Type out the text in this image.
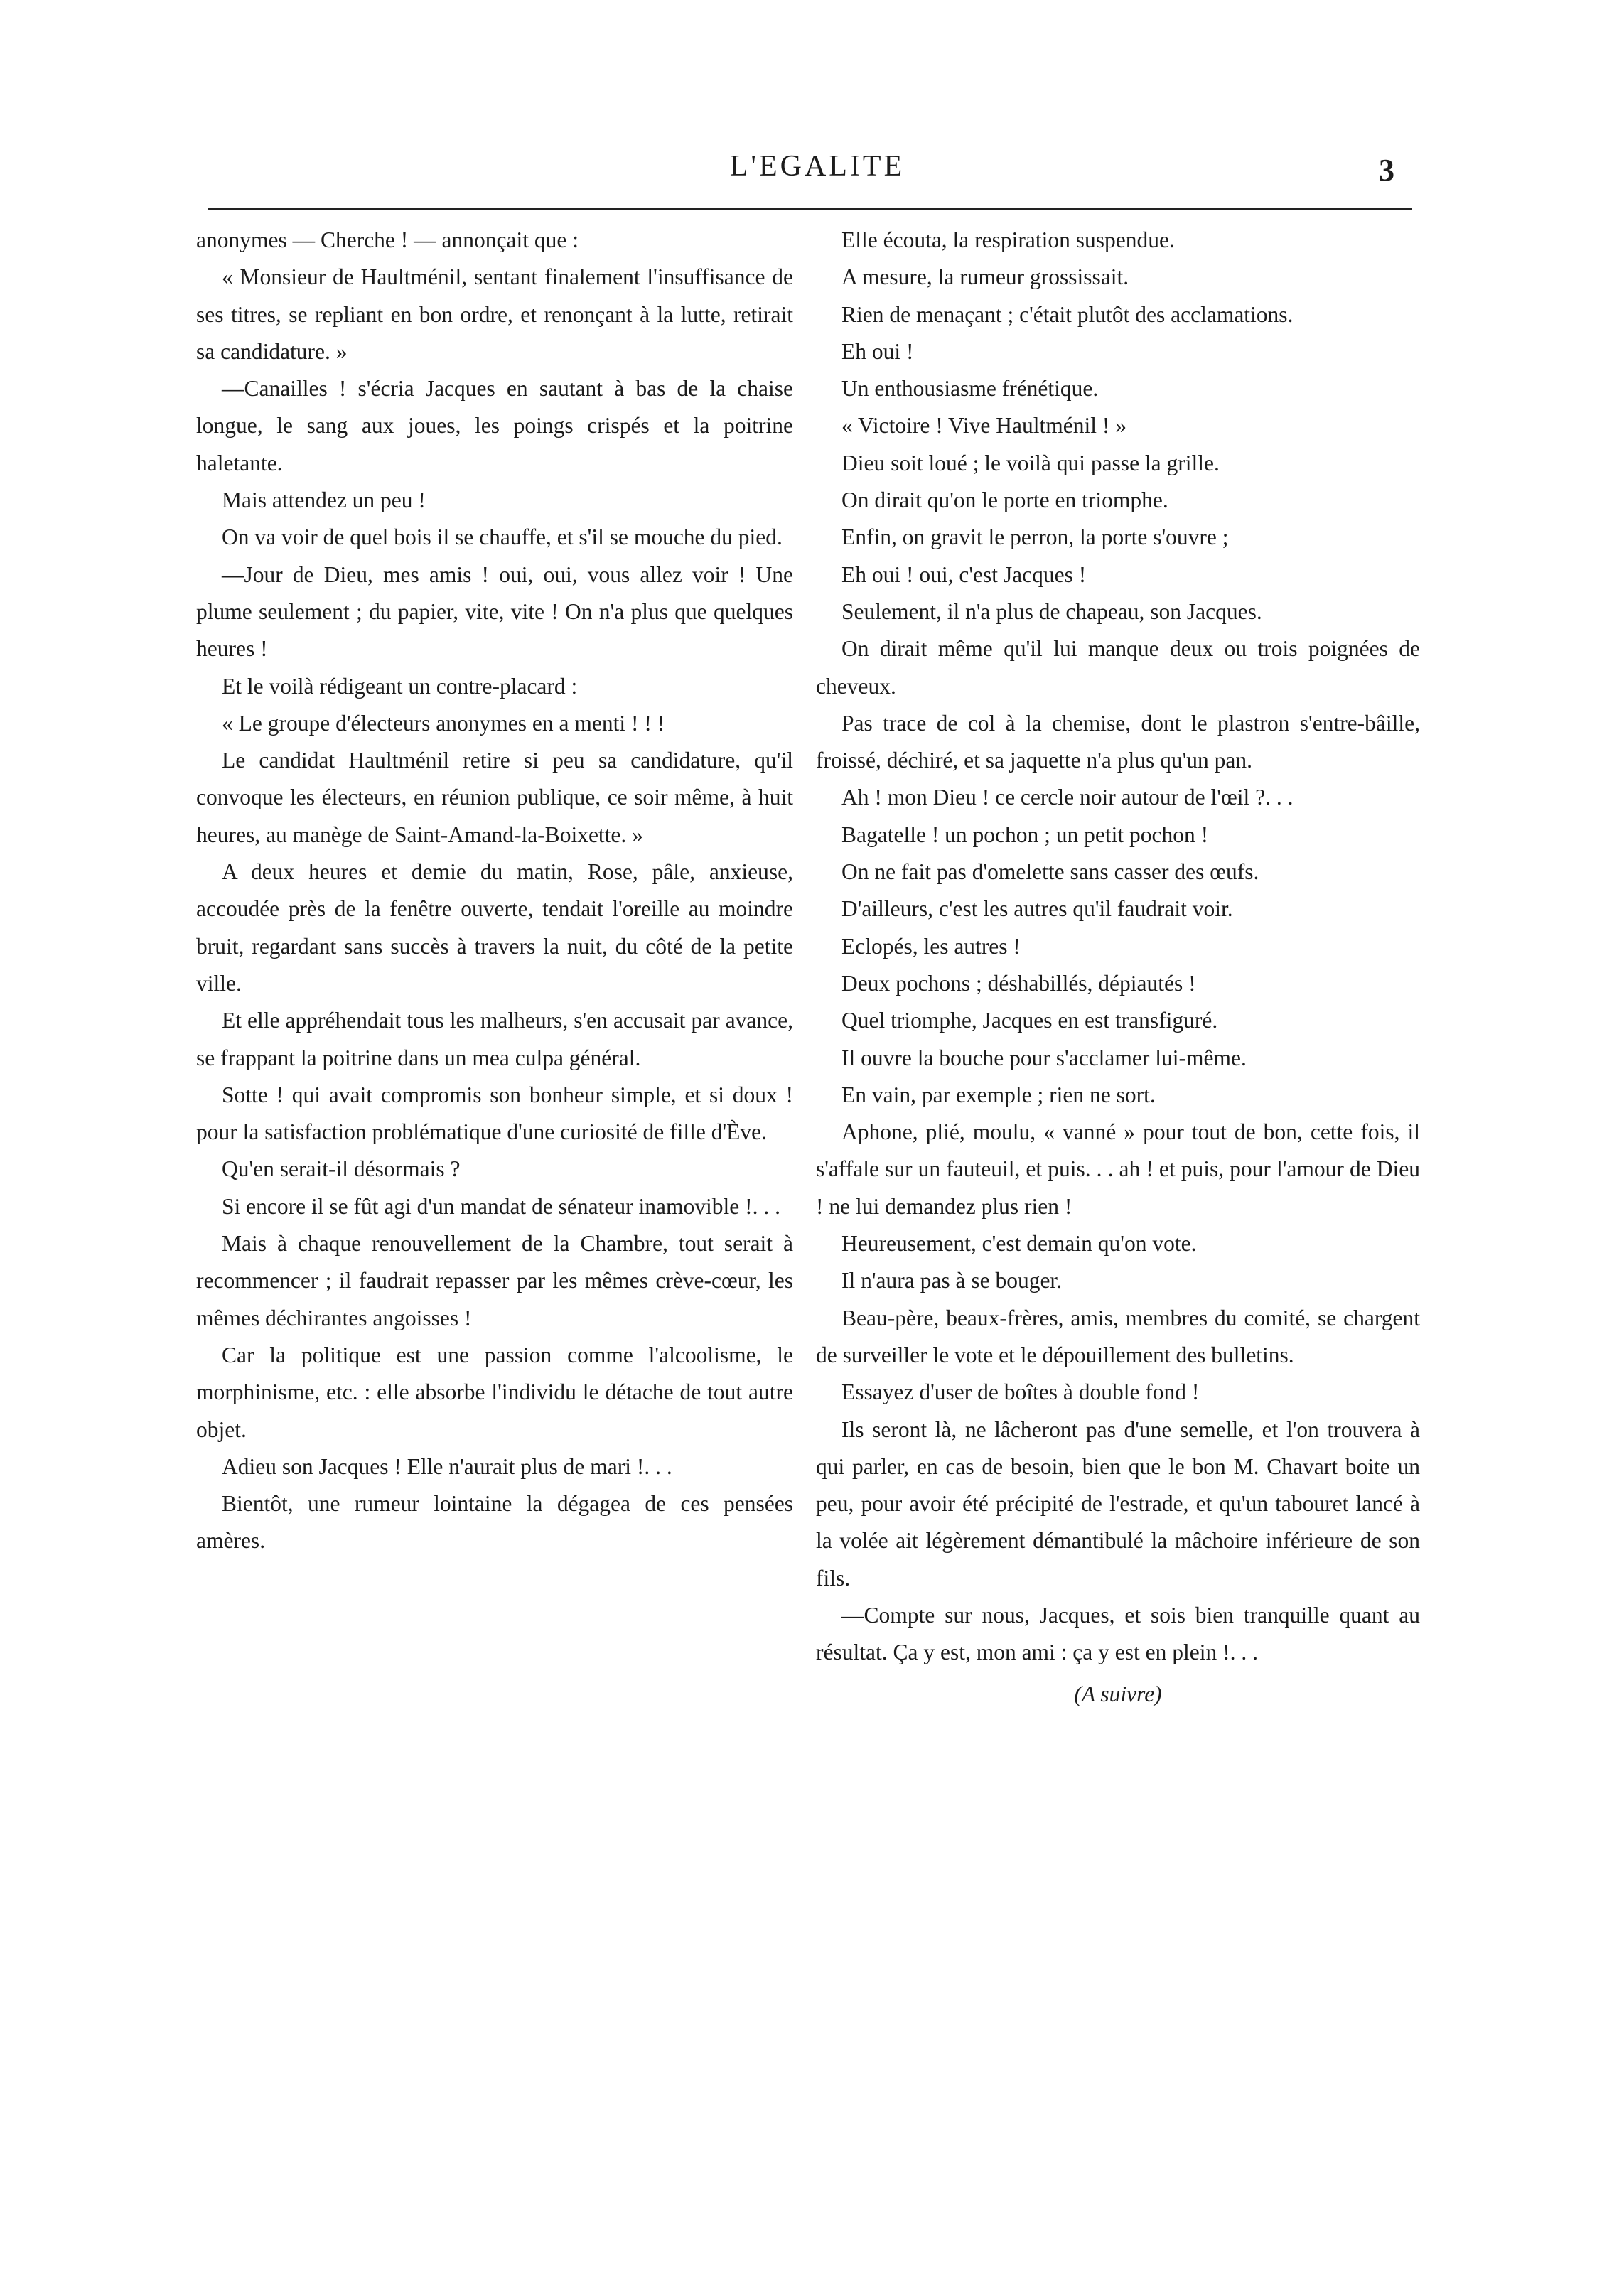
L'EGALITE	3

anonymes — Cherche ! — annonçait que :

« Monsieur de Haultménil, sentant finalement l'insuffisance de ses titres, se repliant en bon ordre, et renonçant à la lutte, retirait sa candidature. »

—Canailles ! s'écria Jacques en sautant à bas de la chaise longue, le sang aux joues, les poings crispés et la poitrine haletante.

Mais attendez un peu !

On va voir de quel bois il se chauffe, et s'il se mouche du pied.

—Jour de Dieu, mes amis ! oui, oui, vous allez voir ! Une plume seulement ; du papier, vite, vite ! On n'a plus que quelques heures !

Et le voilà rédigeant un contre-placard :

« Le groupe d'électeurs anonymes en a menti ! ! !

Le candidat Haultménil retire si peu sa candidature, qu'il convoque les électeurs, en réunion publique, ce soir même, à huit heures, au manège de Saint-Amand-la-Boixette. »

A deux heures et demie du matin, Rose, pâle, anxieuse, accoudée près de la fenêtre ouverte, tendait l'oreille au moindre bruit, regardant sans succès à travers la nuit, du côté de la petite ville.

Et elle appréhendait tous les malheurs, s'en accusait par avance, se frappant la poitrine dans un mea culpa général.

Sotte ! qui avait compromis son bonheur simple, et si doux ! pour la satisfaction problématique d'une curiosité de fille d'Ève.

Qu'en serait-il désormais ?

Si encore il se fût agi d'un mandat de sénateur inamovible !. . .

Mais à chaque renouvellement de la Chambre, tout serait à recommencer ; il faudrait repasser par les mêmes crève-cœur, les mêmes déchirantes angoisses !

Car la politique est une passion comme l'alcoolisme, le morphinisme, etc. : elle absorbe l'individu le détache de tout autre objet.

Adieu son Jacques ! Elle n'aurait plus de mari !. . .

Bientôt, une rumeur lointaine la dégagea de ces pensées amères.

Elle écouta, la respiration suspendue.

A mesure, la rumeur grossissait.

Rien de menaçant ; c'était plutôt des acclamations.

Eh oui !

Un enthousiasme frénétique.

« Victoire ! Vive Haultménil ! »

Dieu soit loué ; le voilà qui passe la grille.

On dirait qu'on le porte en triomphe.

Enfin, on gravit le perron, la porte s'ouvre ;

Eh oui ! oui, c'est Jacques !

Seulement, il n'a plus de chapeau, son Jacques.

On dirait même qu'il lui manque deux ou trois poignées de cheveux.

Pas trace de col à la chemise, dont le plastron s'entre-bâille, froissé, déchiré, et sa jaquette n'a plus qu'un pan.

Ah ! mon Dieu ! ce cercle noir autour de l'œil ?. . .

Bagatelle ! un pochon ; un petit pochon !

On ne fait pas d'omelette sans casser des œufs.

D'ailleurs, c'est les autres qu'il faudrait voir.

Eclopés, les autres !

Deux pochons ; déshabillés, dépiautés !

Quel triomphe, Jacques en est transfiguré.

Il ouvre la bouche pour s'acclamer lui-même.

En vain, par exemple ; rien ne sort.

Aphone, plié, moulu, « vanné » pour tout de bon, cette fois, il s'affale sur un fauteuil, et puis. . . ah ! et puis, pour l'amour de Dieu ! ne lui demandez plus rien !

Heureusement, c'est demain qu'on vote.

Il n'aura pas à se bouger.

Beau-père, beaux-frères, amis, membres du comité, se chargent de surveiller le vote et le dépouillement des bulletins.

Essayez d'user de boîtes à double fond !

Ils seront là, ne lâcheront pas d'une semelle, et l'on trouvera à qui parler, en cas de besoin, bien que le bon M. Chavart boite un peu, pour avoir été précipité de l'estrade, et qu'un tabouret lancé à la volée ait légèrement démantibulé la mâchoire inférieure de son fils.

—Compte sur nous, Jacques, et sois bien tranquille quant au résultat. Ça y est, mon ami : ça y est en plein !. . .

(A suivre)
